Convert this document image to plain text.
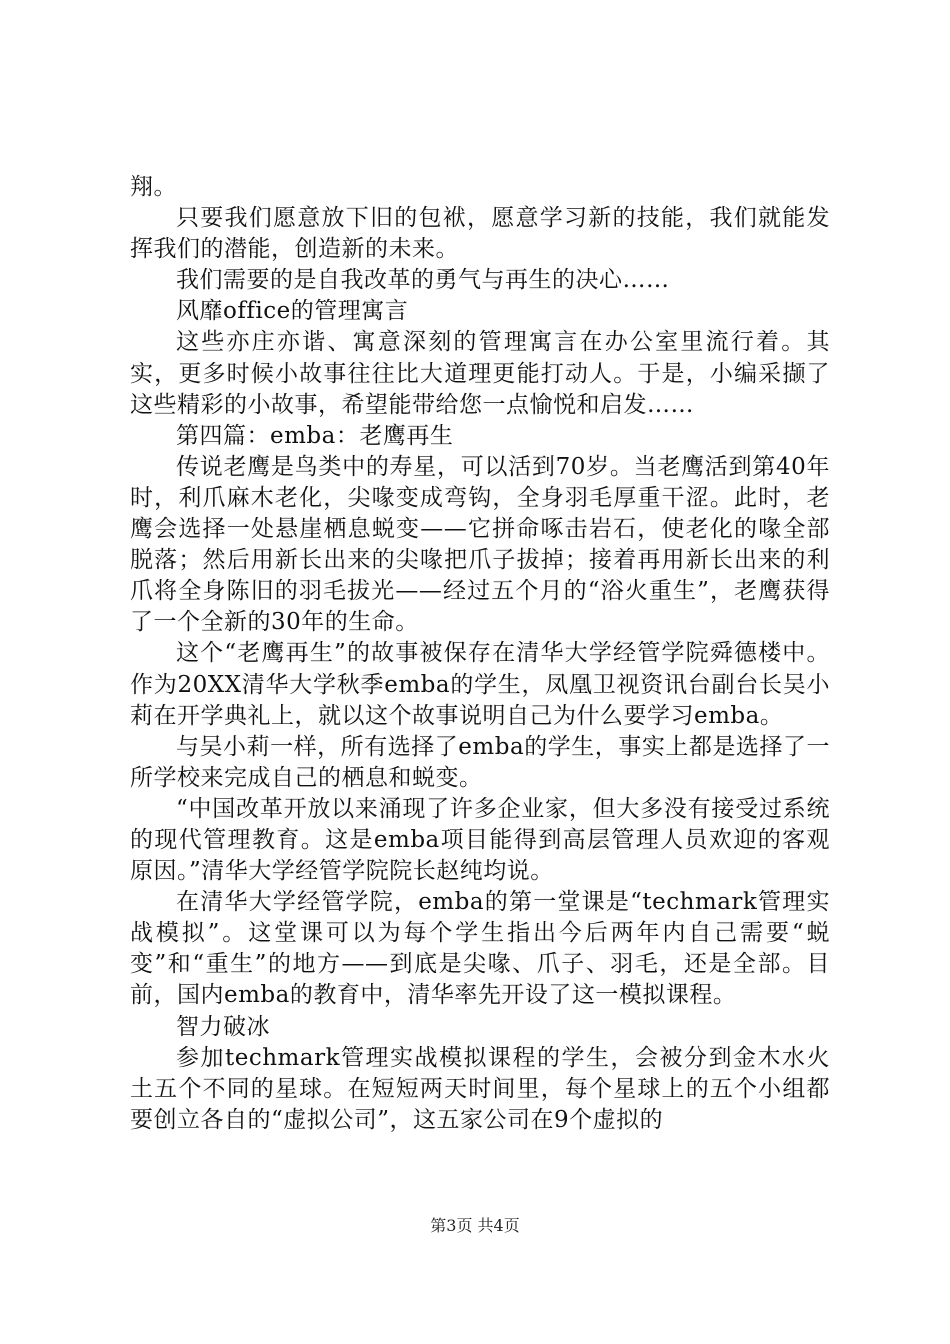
翔。

只要我们愿意放下旧的包袱，愿意学习新的技能，我们就能发挥我们的潜能，创造新的未来。

我们需要的是自我改革的勇气与再生的决心……

风靡office的管理寓言

这些亦庄亦谐、寓意深刻的管理寓言在办公室里流行着。其实，更多时候小故事往往比大道理更能打动人。于是，小编采撷了这些精彩的小故事，希望能带给您一点愉悦和启发……

第四篇：emba：老鹰再生

传说老鹰是鸟类中的寿星，可以活到70岁。当老鹰活到第40年时，利爪麻木老化，尖喙变成弯钩，全身羽毛厚重干涩。此时，老鹰会选择一处悬崖栖息蜕变——它拼命啄击岩石，使老化的喙全部脱落；然后用新长出来的尖喙把爪子拔掉；接着再用新长出来的利爪将全身陈旧的羽毛拔光——经过五个月的“浴火重生”，老鹰获得了一个全新的30年的生命。

这个“老鹰再生”的故事被保存在清华大学经管学院舜德楼中。作为20XX清华大学秋季emba的学生，凤凰卫视资讯台副台长吴小莉在开学典礼上，就以这个故事说明自己为什么要学习emba。

与吴小莉一样，所有选择了emba的学生，事实上都是选择了一所学校来完成自己的栖息和蜕变。

“中国改革开放以来涌现了许多企业家，但大多没有接受过系统的现代管理教育。这是emba项目能得到高层管理人员欢迎的客观原因。”清华大学经管学院院长赵纯均说。

在清华大学经管学院，emba的第一堂课是“techmark管理实战模拟”。这堂课可以为每个学生指出今后两年内自己需要“蜕变”和“重生”的地方——到底是尖喙、爪子、羽毛，还是全部。目前，国内emba的教育中，清华率先开设了这一模拟课程。

智力破冰

参加techmark管理实战模拟课程的学生，会被分到金木水火土五个不同的星球。在短短两天时间里，每个星球上的五个小组都要创立各自的“虚拟公司”，这五家公司在9个虚拟的

第3页 共4页
